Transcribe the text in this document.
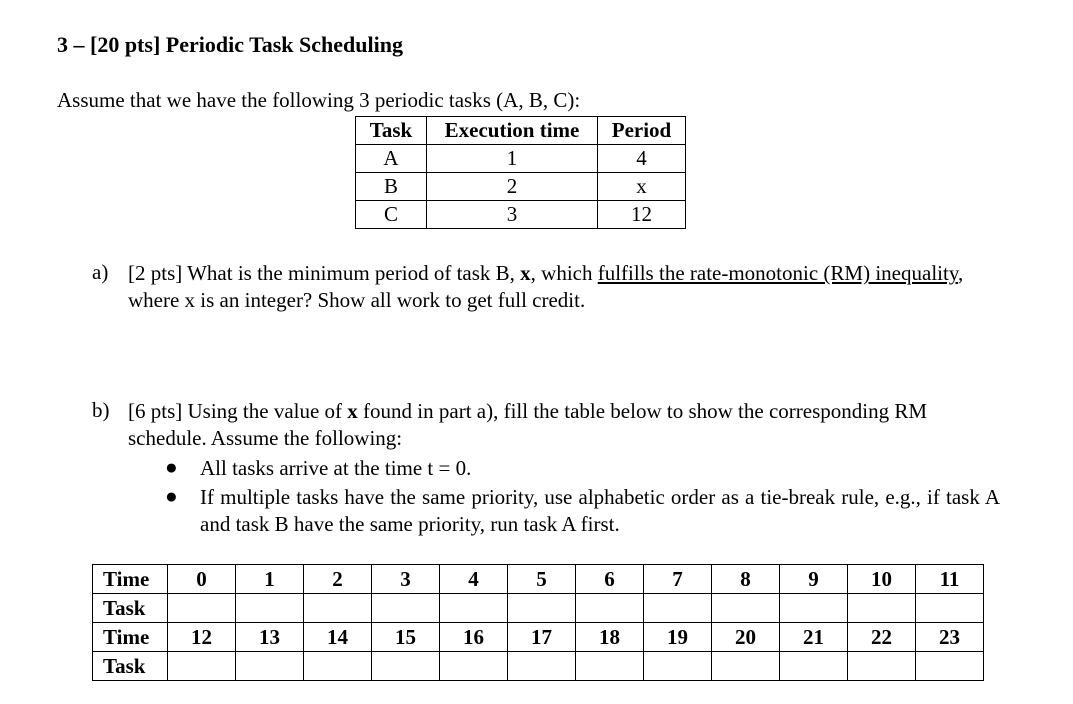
3 – [20 pts] Periodic Task Scheduling
Assume that we have the following 3 periodic tasks (A, B, C):
Task	Execution time	Period
A	1	4
B	2	x
C	3	12
a) [2 pts] What is the minimum period of task B, x, which fulfills the rate-monotonic (RM) inequality, where x is an integer? Show all work to get full credit.
b) [6 pts] Using the value of x found in part a), fill the table below to show the corresponding RM schedule. Assume the following:
● All tasks arrive at the time t = 0.
● If multiple tasks have the same priority, use alphabetic order as a tie-break rule, e.g., if task A and task B have the same priority, run task A first.
Time	0	1	2	3	4	5	6	7	8	9	10	11
Task												
Time	12	13	14	15	16	17	18	19	20	21	22	23
Task												
